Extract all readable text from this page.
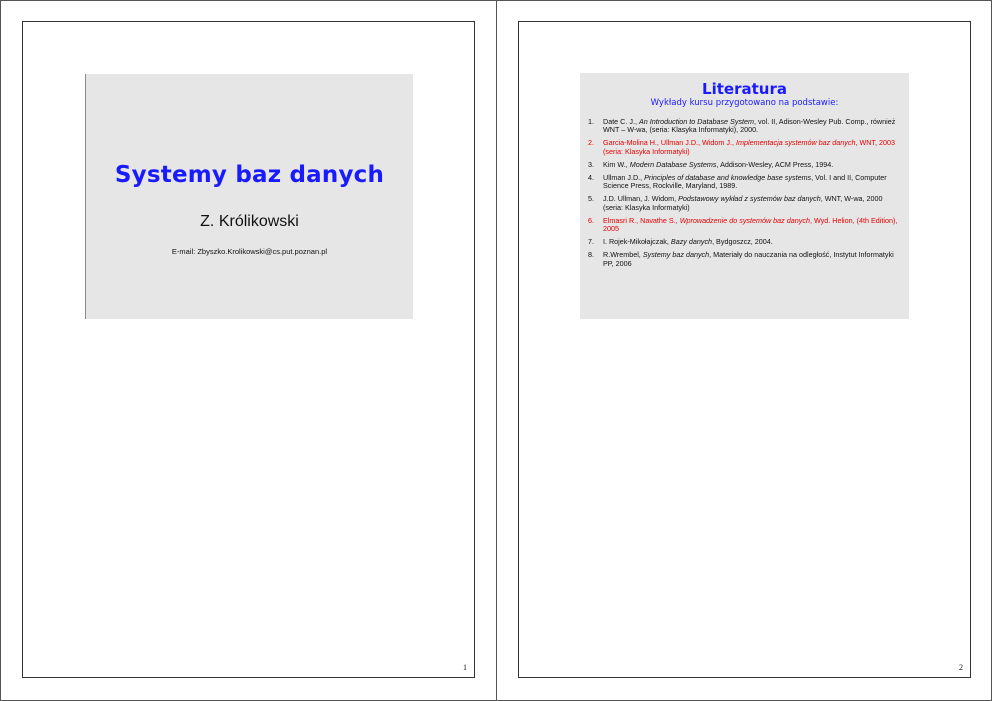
Systemy baz danych
Z. Królikowski
E-mail: Zbyszko.Krolikowski@cs.put.poznan.pl
1
Literatura
Wykłady kursu przygotowano na podstawie:
1. Date C. J., An Introduction to Database System, vol. II, Adison-Wesley Pub. Comp., również WNT – W-wa, (seria: Klasyka Informatyki), 2000.
2. Garcia-Molina H., Ullman J.D., Widom J., Implementacja systemów baz danych, WNT, 2003 (seria: Klasyka Informatyki)
3. Kim W., Modern Database Systems, Addison-Wesley, ACM Press, 1994.
4. Ullman J.D., Principles of database and knowledge base systems, Vol. I and II, Computer Science Press, Rockville, Maryland, 1989.
5. J.D. Ullman, J. Widom, Podstawowy wykład z systemów baz danych, WNT, W-wa, 2000 (seria: Klasyka Informatyki)
6. Elmasri R., Navathe S., Wprowadzenie do systemów baz danych, Wyd. Helion, (4th Edition), 2005
7. I. Rojek-Mikołajczak, Bazy danych, Bydgoszcz, 2004.
8. R.Wrembel, Systemy baz danych, Materiały do nauczania na odległość, Instytut Informatyki PP, 2006
2
